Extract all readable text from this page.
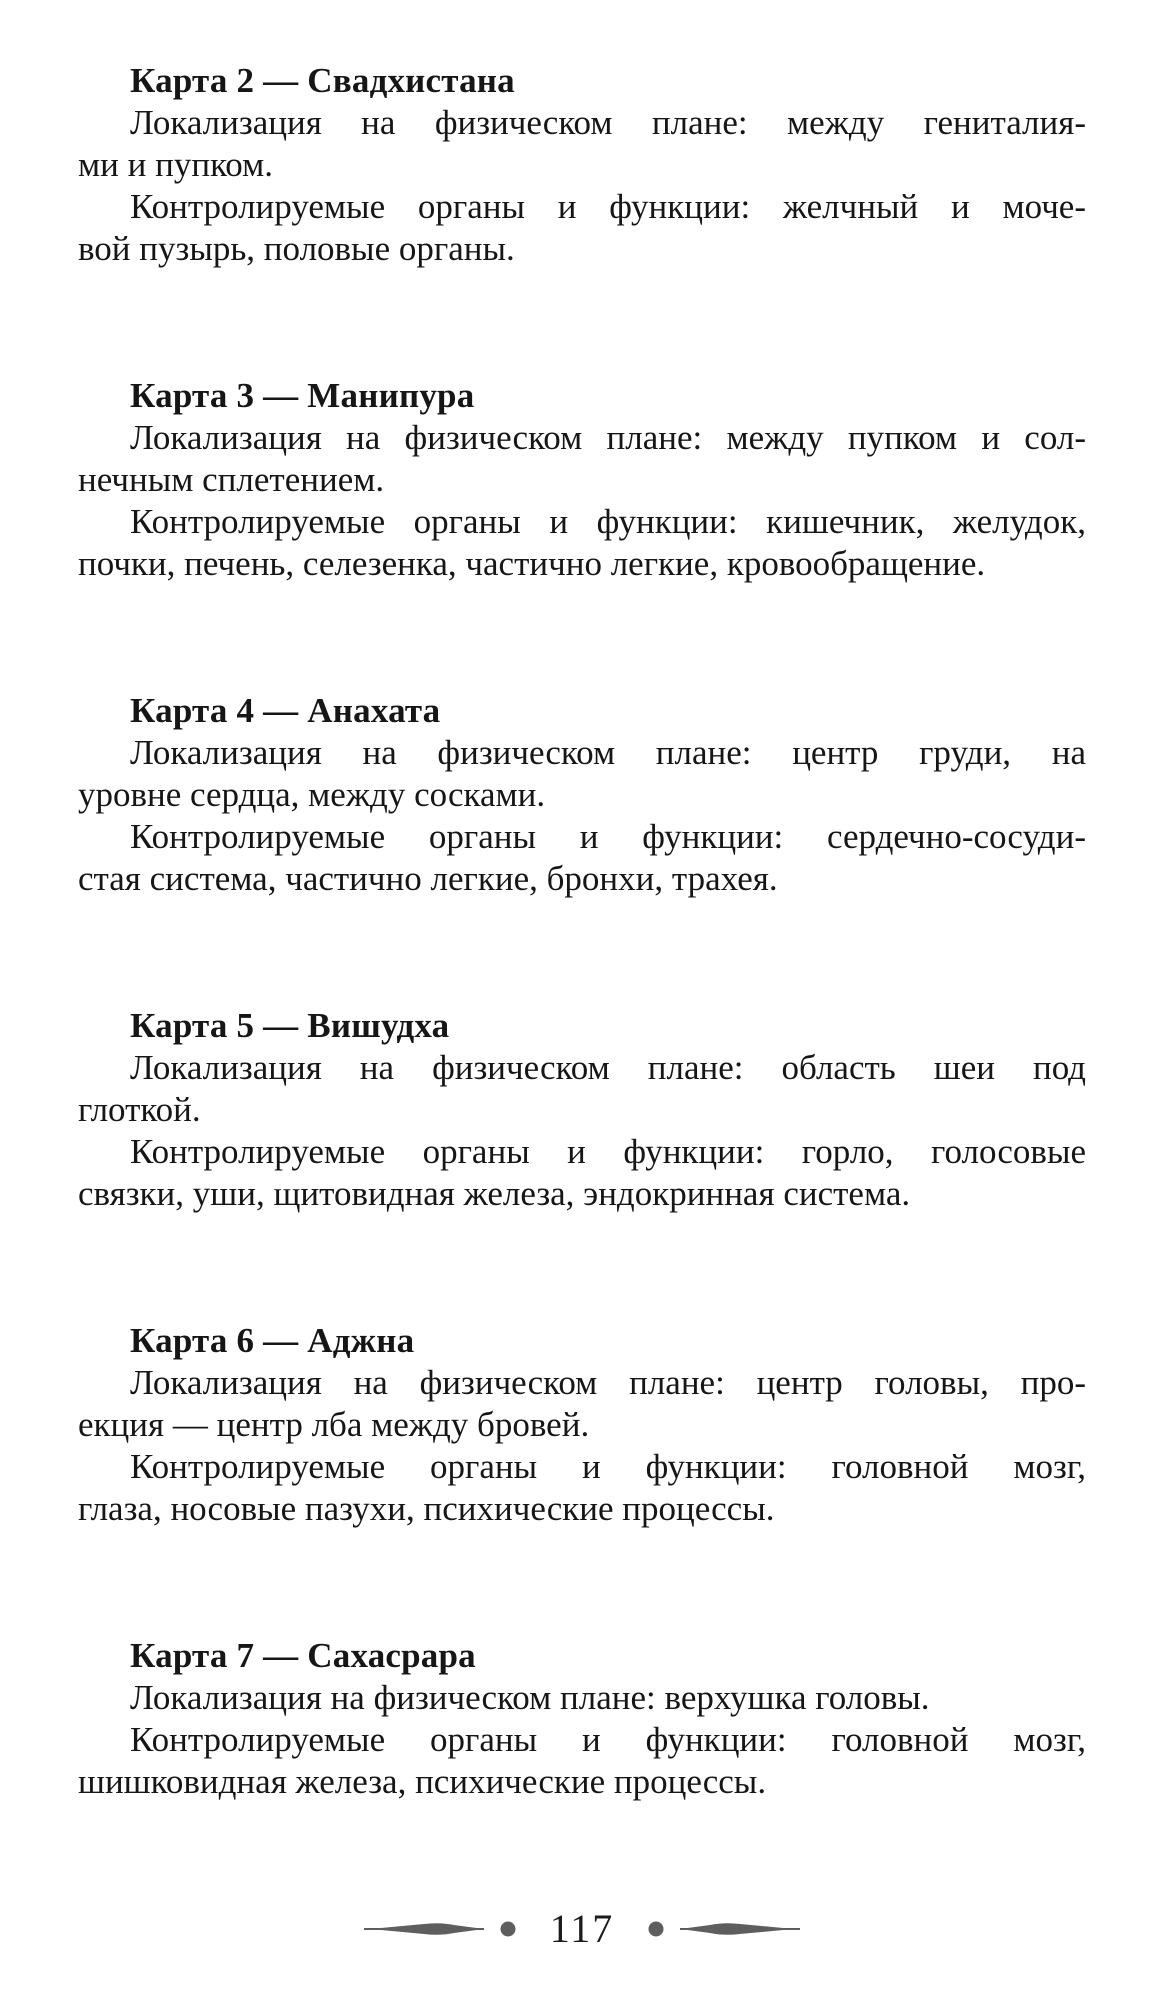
Карта 2 — Свадхистана
Локализация на физическом плане: между гениталия-
ми и пупком.
Контролируемые органы и функции: желчный и моче-
вой пузырь, половые органы.
Карта 3 — Манипура
Локализация на физическом плане: между пупком и сол-
нечным сплетением.
Контролируемые органы и функции: кишечник, желудок,
почки, печень, селезенка, частично легкие, кровообращение.
Карта 4 — Анахата
Локализация на физическом плане: центр груди, на
уровне сердца, между сосками.
Контролируемые органы и функции: сердечно-сосуди-
стая система, частично легкие, бронхи, трахея.
Карта 5 — Вишудха
Локализация на физическом плане: область шеи под
глоткой.
Контролируемые органы и функции: горло, голосовые
связки, уши, щитовидная железа, эндокринная система.
Карта 6 — Аджна
Локализация на физическом плане: центр головы, про-
екция — центр лба между бровей.
Контролируемые органы и функции: головной мозг,
глаза, носовые пазухи, психические процессы.
Карта 7 — Сахасрара
Локализация на физическом плане: верхушка головы.
Контролируемые органы и функции: головной мозг,
шишковидная железа, психические процессы.
117
